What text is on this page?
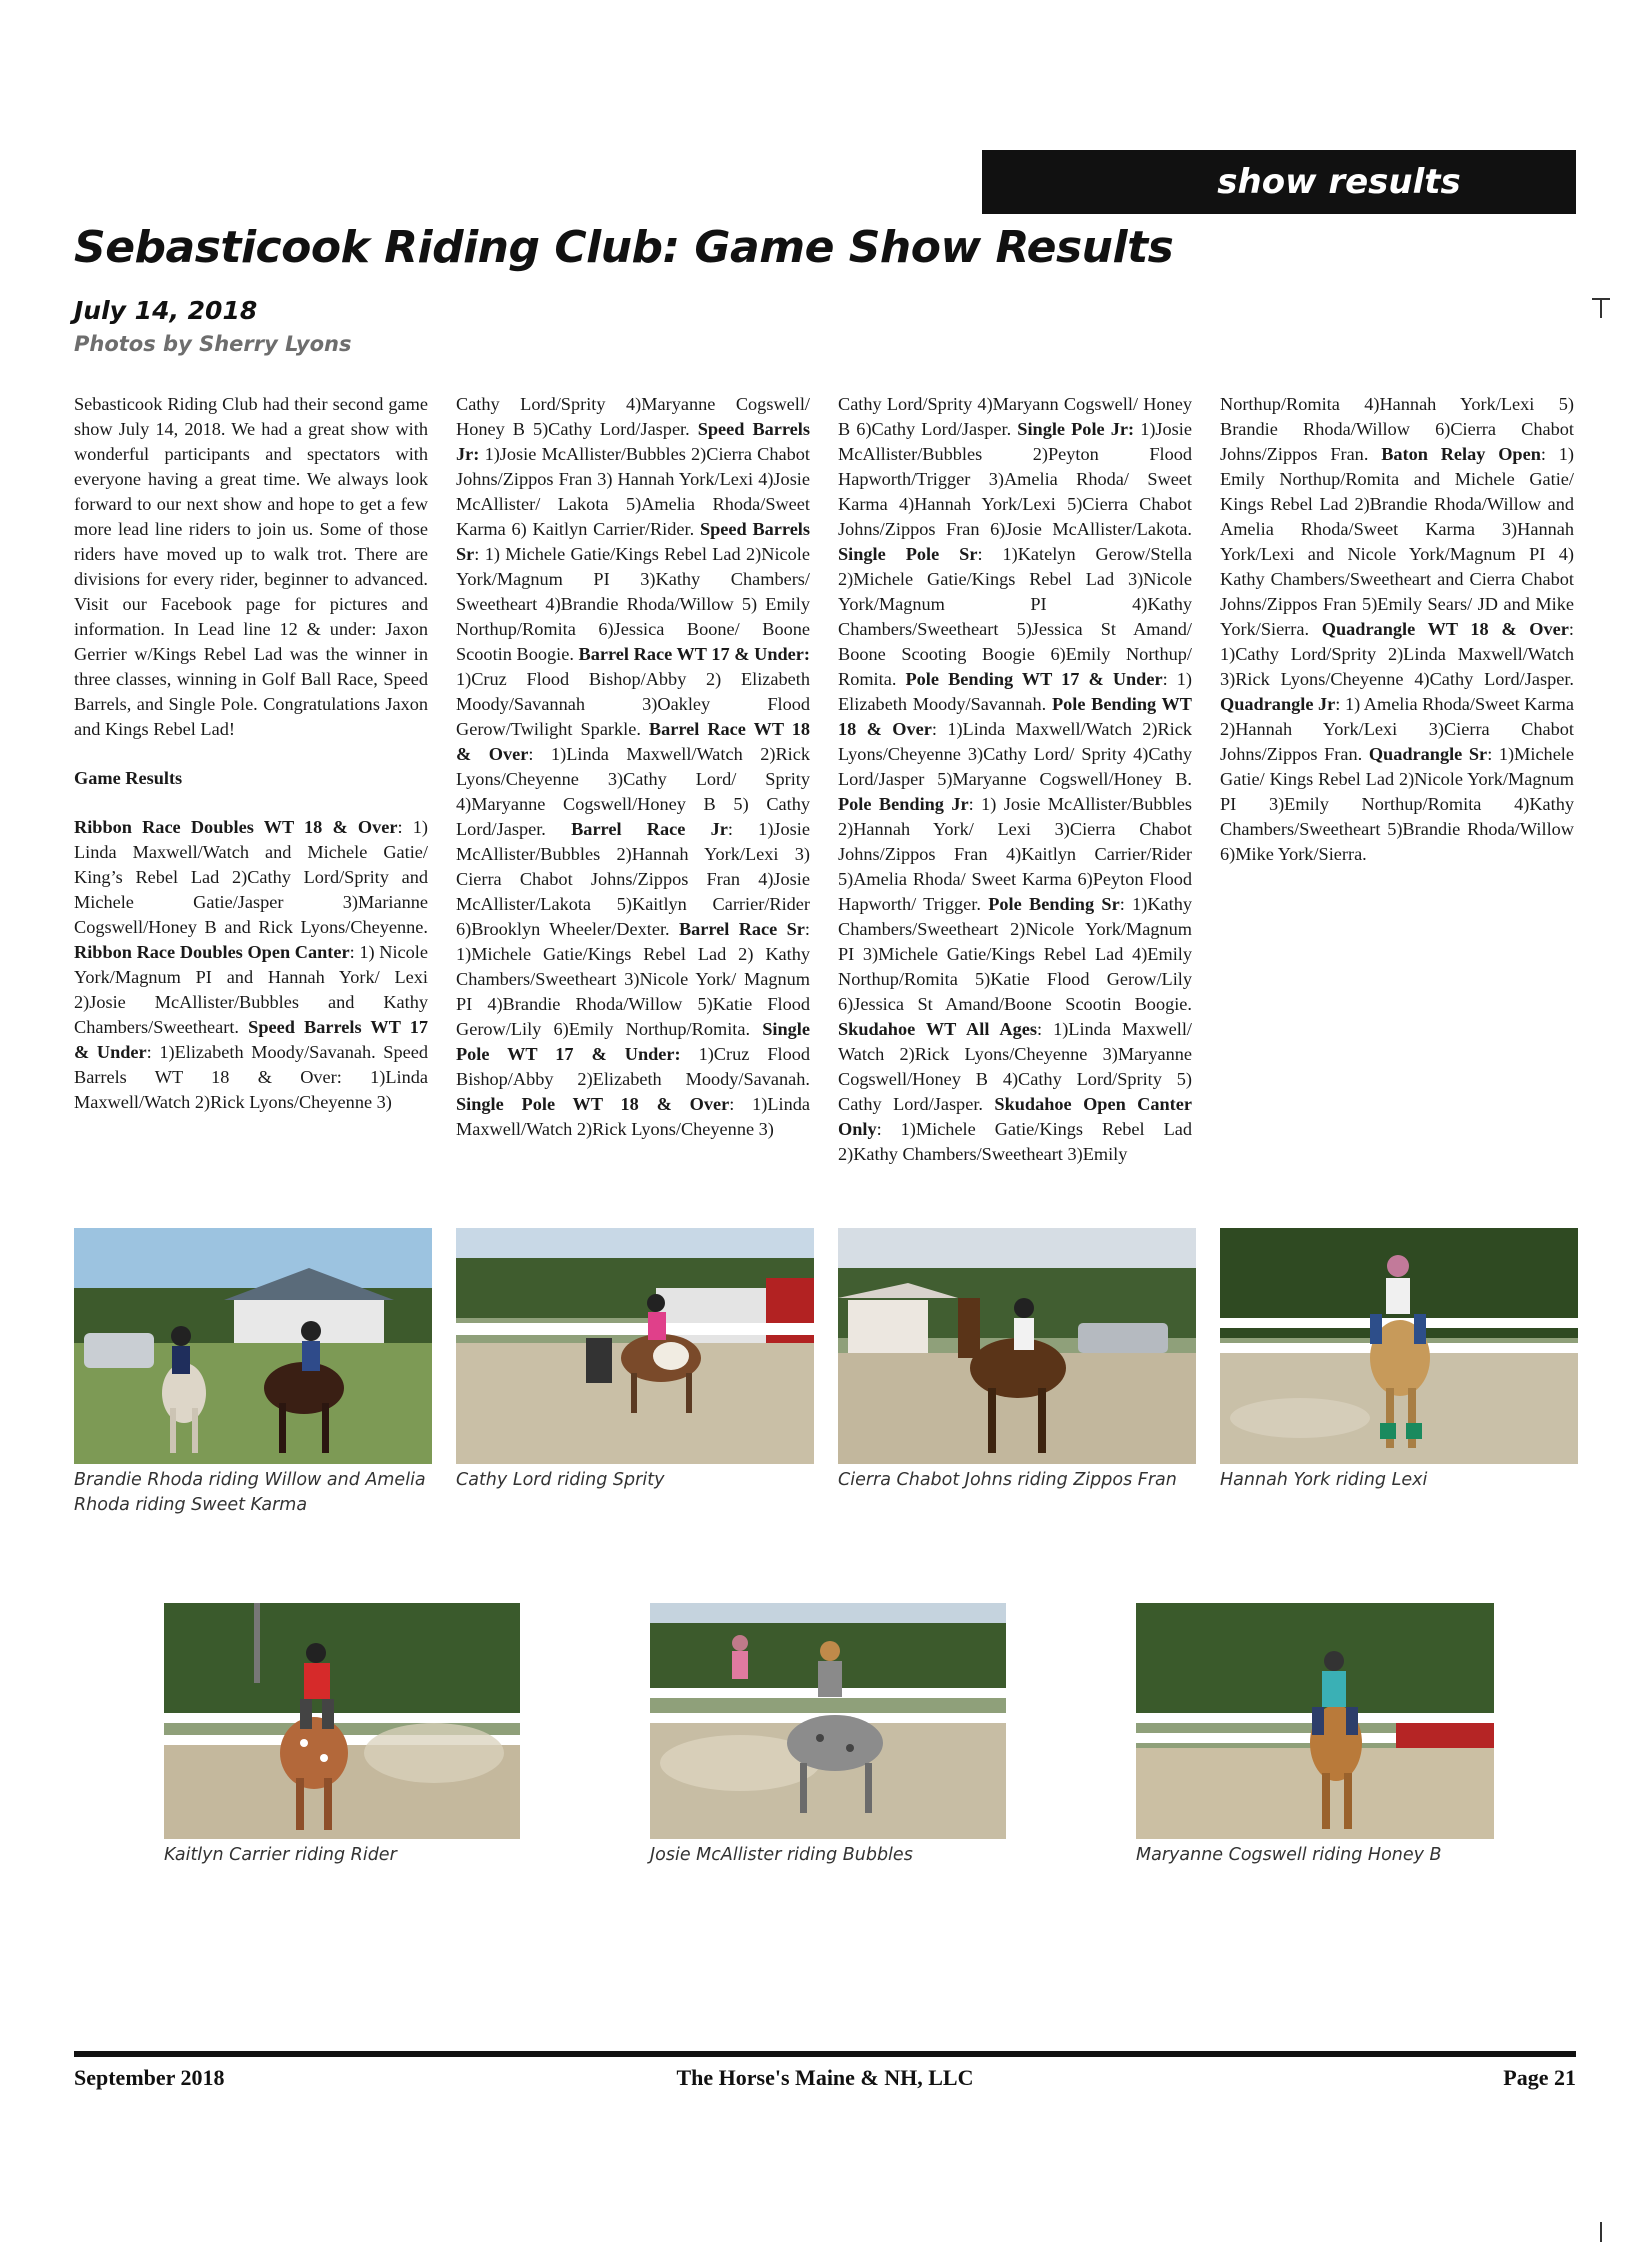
show results
Sebasticook Riding Club: Game Show Results
July 14, 2018
Photos by Sherry Lyons

Sebasticook Riding Club had their second game show July 14, 2018. We had a great show with wonderful participants and spectators with everyone having a great time. We always look forward to our next show and hope to get a few more lead line riders to join us. Some of those riders have moved up to walk trot. There are divisions for every rider, beginner to advanced. Visit our Facebook page for pictures and information. In Lead line 12 & under: Jaxon Gerrier w/Kings Rebel Lad was the winner in three classes, winning in Golf Ball Race, Speed Barrels, and Single Pole. Congratulations Jaxon and Kings Rebel Lad!

Game Results

Ribbon Race Doubles WT 18 & Over: 1) Linda Maxwell/Watch and Michele Gatie/ King’s Rebel Lad 2)Cathy Lord/Sprity and Michele Gatie/Jasper 3)Marianne Cogswell/Honey B and Rick Lyons/Cheyenne. Ribbon Race Doubles Open Canter: 1) Nicole York/Magnum PI and Hannah York/ Lexi 2)Josie McAllister/Bubbles and Kathy Chambers/Sweetheart. Speed Barrels WT 17 & Under: 1)Elizabeth Moody/Savanah. Speed Barrels WT 18 & Over: 1)Linda Maxwell/Watch 2)Rick Lyons/Cheyenne 3)

Cathy Lord/Sprity 4)Maryanne Cogswell/ Honey B 5)Cathy Lord/Jasper. Speed Barrels Jr: 1)Josie McAllister/Bubbles 2)Cierra Chabot Johns/Zippos Fran 3) Hannah York/Lexi 4)Josie McAllister/ Lakota 5)Amelia Rhoda/Sweet Karma 6) Kaitlyn Carrier/Rider. Speed Barrels Sr: 1) Michele Gatie/Kings Rebel Lad 2)Nicole York/Magnum PI 3)Kathy Chambers/ Sweetheart 4)Brandie Rhoda/Willow 5) Emily Northup/Romita 6)Jessica Boone/ Boone Scootin Boogie. Barrel Race WT 17 & Under: 1)Cruz Flood Bishop/Abby 2) Elizabeth Moody/Savannah 3)Oakley Flood Gerow/Twilight Sparkle. Barrel Race WT 18 & Over: 1)Linda Maxwell/Watch 2)Rick Lyons/Cheyenne 3)Cathy Lord/ Sprity 4)Maryanne Cogswell/Honey B 5) Cathy Lord/Jasper. Barrel Race Jr: 1)Josie McAllister/Bubbles 2)Hannah York/Lexi 3) Cierra Chabot Johns/Zippos Fran 4)Josie McAllister/Lakota 5)Kaitlyn Carrier/Rider 6)Brooklyn Wheeler/Dexter. Barrel Race Sr: 1)Michele Gatie/Kings Rebel Lad 2) Kathy Chambers/Sweetheart 3)Nicole York/ Magnum PI 4)Brandie Rhoda/Willow 5)Katie Flood Gerow/Lily 6)Emily Northup/Romita. Single Pole WT 17 & Under: 1)Cruz Flood Bishop/Abby 2)Elizabeth Moody/Savanah. Single Pole WT 18 & Over: 1)Linda Maxwell/Watch 2)Rick Lyons/Cheyenne 3)

Cathy Lord/Sprity 4)Maryann Cogswell/ Honey B 6)Cathy Lord/Jasper. Single Pole Jr: 1)Josie McAllister/Bubbles 2)Peyton Flood Hapworth/Trigger 3)Amelia Rhoda/ Sweet Karma 4)Hannah York/Lexi 5)Cierra Chabot Johns/Zippos Fran 6)Josie McAllister/Lakota. Single Pole Sr: 1)Katelyn Gerow/Stella 2)Michele Gatie/Kings Rebel Lad 3)Nicole York/Magnum PI 4)Kathy Chambers/Sweetheart 5)Jessica St Amand/ Boone Scooting Boogie 6)Emily Northup/ Romita. Pole Bending WT 17 & Under: 1) Elizabeth Moody/Savannah. Pole Bending WT 18 & Over: 1)Linda Maxwell/Watch 2)Rick Lyons/Cheyenne 3)Cathy Lord/ Sprity 4)Cathy Lord/Jasper 5)Maryanne Cogswell/Honey B. Pole Bending Jr: 1) Josie McAllister/Bubbles 2)Hannah York/ Lexi 3)Cierra Chabot Johns/Zippos Fran 4)Kaitlyn Carrier/Rider 5)Amelia Rhoda/ Sweet Karma 6)Peyton Flood Hapworth/ Trigger. Pole Bending Sr: 1)Kathy Chambers/Sweetheart 2)Nicole York/Magnum PI 3)Michele Gatie/Kings Rebel Lad 4)Emily Northup/Romita 5)Katie Flood Gerow/Lily 6)Jessica St Amand/Boone Scootin Boogie. Skudahoe WT All Ages: 1)Linda Maxwell/ Watch 2)Rick Lyons/Cheyenne 3)Maryanne Cogswell/Honey B 4)Cathy Lord/Sprity 5) Cathy Lord/Jasper. Skudahoe Open Canter Only: 1)Michele Gatie/Kings Rebel Lad 2)Kathy Chambers/Sweetheart 3)Emily

Northup/Romita 4)Hannah York/Lexi 5) Brandie Rhoda/Willow 6)Cierra Chabot Johns/Zippos Fran. Baton Relay Open: 1) Emily Northup/Romita and Michele Gatie/ Kings Rebel Lad 2)Brandie Rhoda/Willow and Amelia Rhoda/Sweet Karma 3)Hannah York/Lexi and Nicole York/Magnum PI 4) Kathy Chambers/Sweetheart and Cierra Chabot Johns/Zippos Fran 5)Emily Sears/ JD and Mike York/Sierra. Quadrangle WT 18 & Over: 1)Cathy Lord/Sprity 2)Linda Maxwell/Watch 3)Rick Lyons/Cheyenne 4)Cathy Lord/Jasper. Quadrangle Jr: 1) Amelia Rhoda/Sweet Karma 2)Hannah York/Lexi 3)Cierra Chabot Johns/Zippos Fran. Quadrangle Sr: 1)Michele Gatie/ Kings Rebel Lad 2)Nicole York/Magnum PI 3)Emily Northup/Romita 4)Kathy Chambers/Sweetheart 5)Brandie Rhoda/Willow 6)Mike York/Sierra.

Brandie Rhoda riding Willow and Amelia Rhoda riding Sweet Karma
Cathy Lord riding Sprity	Cierra Chabot Johns riding Zippos Fran	Hannah York riding Lexi
Kaitlyn Carrier riding Rider	Josie McAllister riding Bubbles	Maryanne Cogswell riding Honey B
September 2018	The Horse's Maine & NH, LLC	Page 21
